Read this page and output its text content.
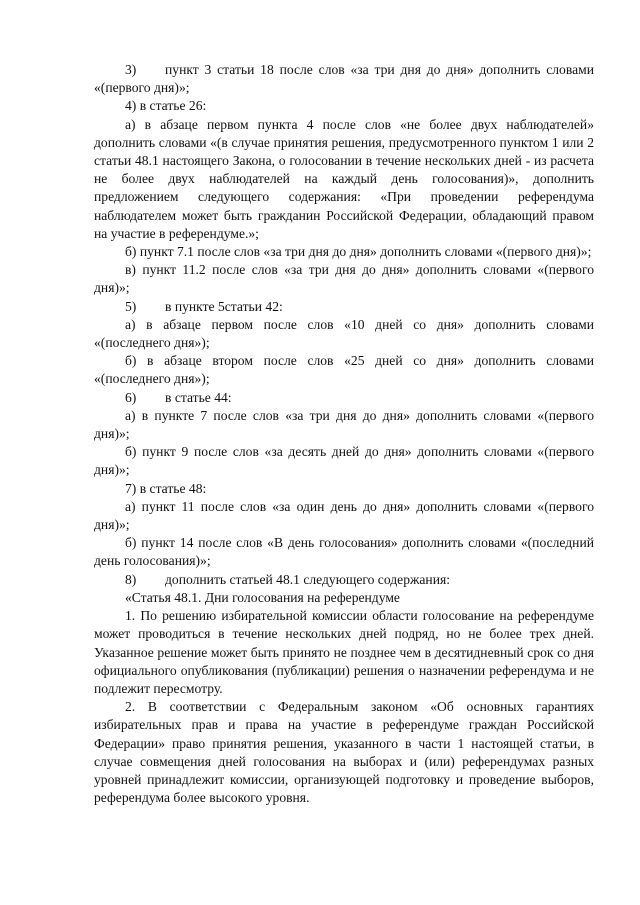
3) пункт 3 статьи 18 после слов «за три дня до дня» дополнить словами «(первого дня)»;

4) в статье 26:

а) в абзаце первом пункта 4 после слов «не более двух наблюдателей» дополнить словами «(в случае принятия решения, предусмотренного пунктом 1 или 2 статьи 48.1 настоящего Закона, о голосовании в течение нескольких дней - из расчета не более двух наблюдателей на каждый день голосования)», дополнить предложением следующего содержания: «При проведении референдума наблюдателем может быть гражданин Российской Федерации, обладающий правом на участие в референдуме.»;

б) пункт 7.1 после слов «за три дня до дня» дополнить словами «(первого дня)»;

в) пункт 11.2 после слов «за три дня до дня» дополнить словами «(первого дня)»;

5) в пункте 5статьи 42:

а) в абзаце первом после слов «10 дней со дня» дополнить словами «(последнего дня»);

б) в абзаце втором после слов «25 дней со дня» дополнить словами «(последнего дня»);

6) в статье 44:

а) в пункте 7 после слов «за три дня до дня» дополнить словами «(первого дня)»;

б) пункт 9 после слов «за десять дней до дня» дополнить словами «(первого дня)»;

7) в статье 48:

а) пункт 11 после слов «за один день до дня» дополнить словами «(первого дня)»;

б) пункт 14 после слов «В день голосования» дополнить словами «(последний день голосования)»;

8) дополнить статьей 48.1 следующего содержания:

«Статья 48.1. Дни голосования на референдуме

1. По решению избирательной комиссии области голосование на референдуме может проводиться в течение нескольких дней подряд, но не более трех дней. Указанное решение может быть принято не позднее чем в десятидневный срок со дня официального опубликования (публикации) решения о назначении референдума и не подлежит пересмотру.

2. В соответствии с Федеральным законом «Об основных гарантиях избирательных прав и права на участие в референдуме граждан Российской Федерации» право принятия решения, указанного в части 1 настоящей статьи, в случае совмещения дней голосования на выборах и (или) референдумах разных уровней принадлежит комиссии, организующей подготовку и проведение выборов, референдума более высокого уровня.
